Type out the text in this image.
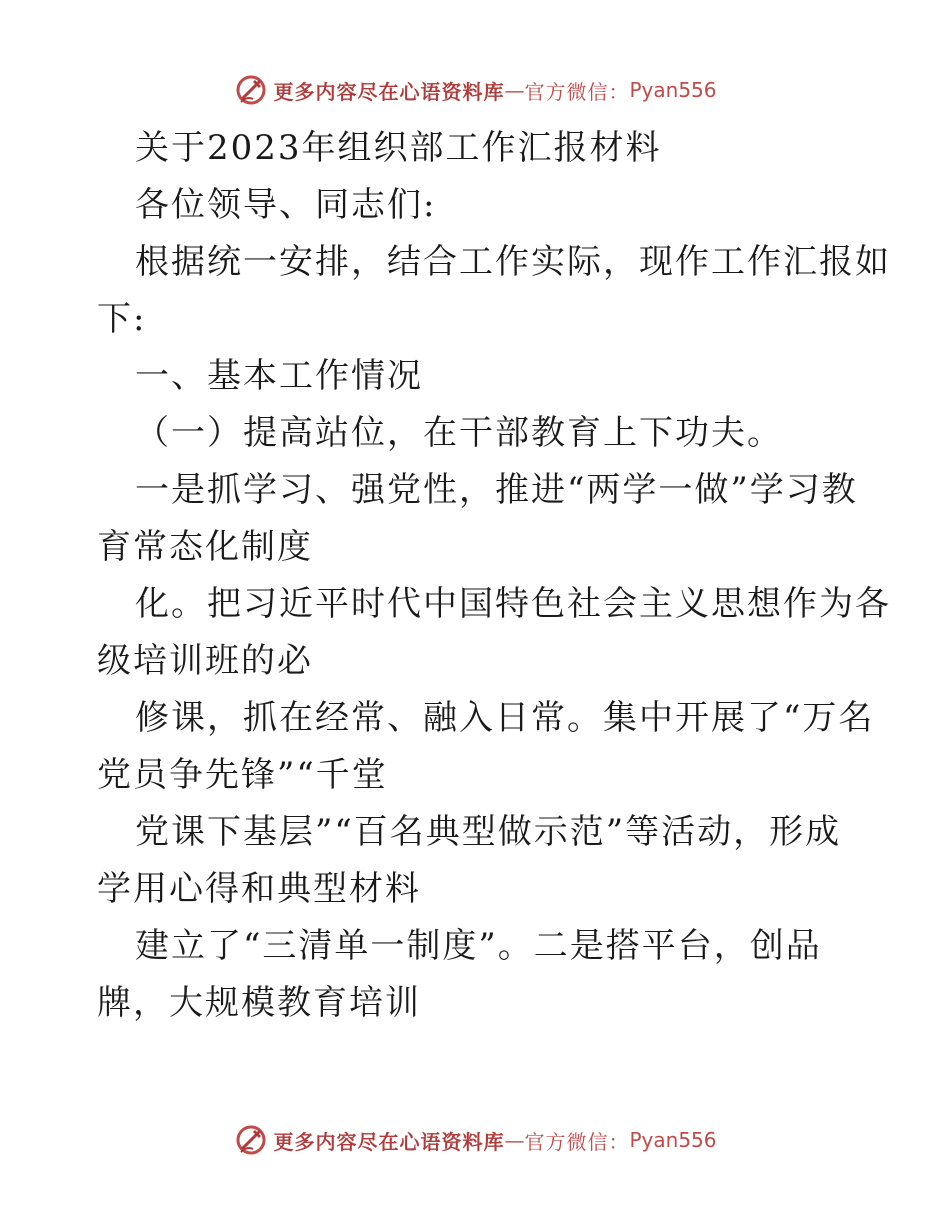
更多内容尽在心语资料库 — 官方微信： Pyan556
关于2023年组织部工作汇报材料
各位领导、同志们:
根据统一安排，结合工作实际，现作工作汇报如
下:
一、基本工作情况
（一）提高站位，在干部教育上下功夫。
一是抓学习、强党性，推进“两学一做”学习教
育常态化制度
化。把习近平时代中国特色社会主义思想作为各
级培训班的必
修课，抓在经常、融入日常。集中开展了“万名
党员争先锋”“千堂
党课下基层”“百名典型做示范”等活动，形成
学用心得和典型材料
建立了“三清单一制度”。二是搭平台，创品
牌，大规模教育培训
更多内容尽在心语资料库 — 官方微信： Pyan556
